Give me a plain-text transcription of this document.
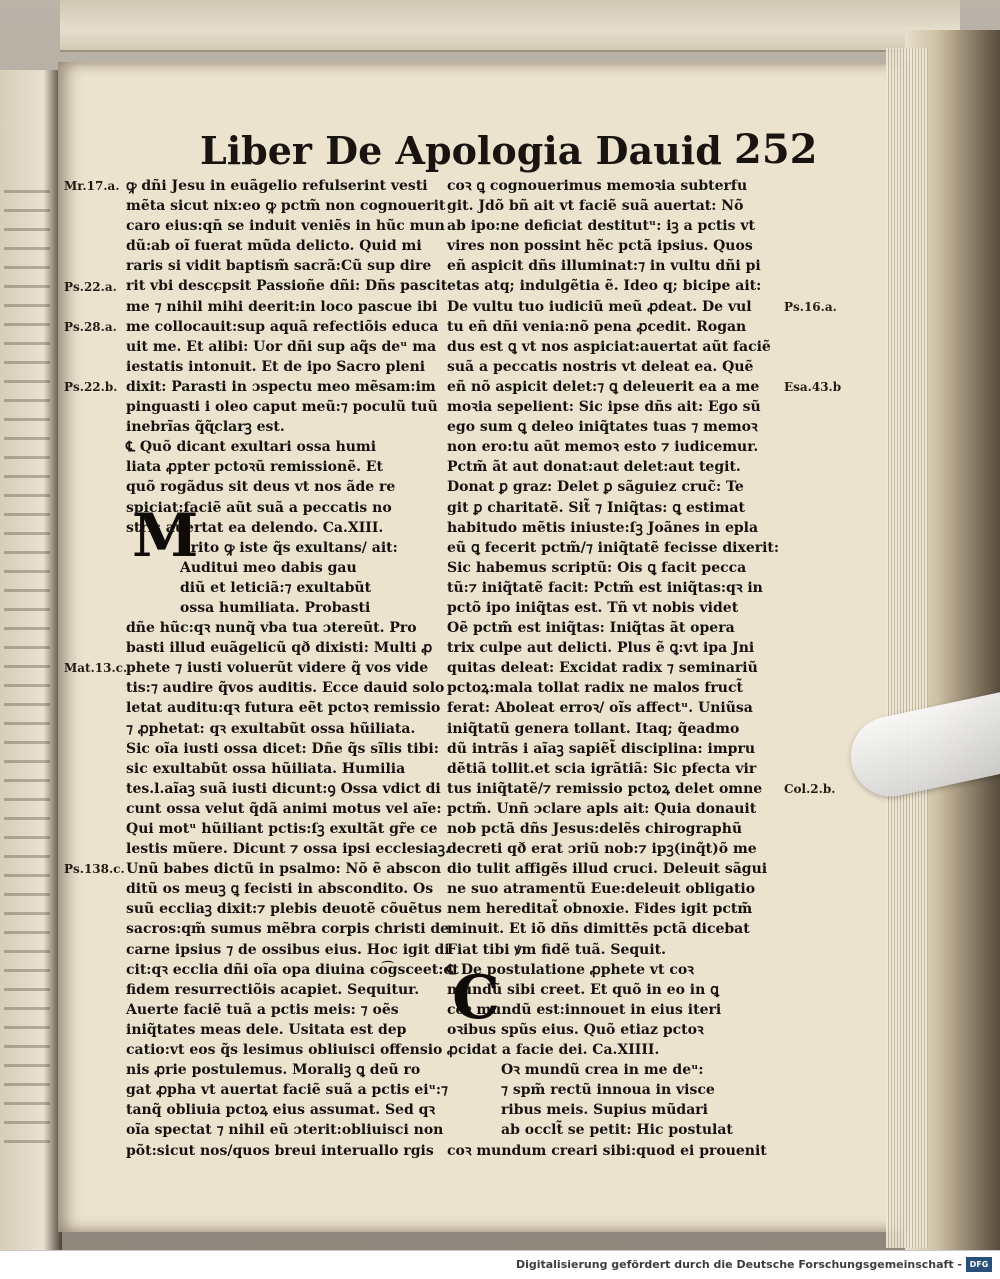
Liber De Apologia Dauid 252
ꝙ dñi Jesu in euãgelio refulserint vesti
mẽta sicut nix:eo ꝙ pctm̃ non cognouerit
caro eius:qn̄ se induit veniẽs in hũc mun
dũ:ab oĩ fuerat mũda delicto. Quid mi
raris si vidit baptism̃ sacrã:Cũ sup dire
rit vbi descɕpsit Passioñe dñi: Dñs pascit
me ⁊ nihil mihi deerit:in loco pascue ibi
me collocauit:sup aquã refectiõis educa
uit me. Et alibi: Uor dñi sup aq̃s deᵘ ma
iestatis intonuit. Et de ipo Sacro pleni
dixit: Parasti in ɔspectu meo mẽsam:im
pinguasti i oleo caput meũ:⁊ poculũ tuũ
inebrĩas q̃ɋ̃clarꝫ est.
℄ Quõ dicant exultari ossa humi
liata ꝓpter pctoꝛũ remissionẽ. Et
quõ rogãdus sit deus vt nos ãde re
spiciat:faciẽ aũt suã a peccatis no
stris auertat ea delendo. Ca.XIII.
Erito ꝙ iste q̃s exultans/ ait:
Auditui meo dabis gau
diũ et leticiã:⁊ exultabũt
ossa humiliata. Probasti
dñe hũc:qꝛ nunq̃ vba tua ɔtereũt. Pro
basti illud euãgelicũ qð dixisti: Multi ꝓ
phete ⁊ iusti voluerũt videre q̃ vos vide
tis:⁊ audire q̃vos auditis. Ecce dauid solo
letat auditu:qꝛ futura eẽt pctoꝛ remissio
⁊ ꝓphetat: qꝛ exultabũt ossa hũiliata.
Sic oĩa iusti ossa dicet: Dñe q̃s sĩlis tibi:
sic exultabũt ossa hũiliata. Humilia
tes.l.aĩaꝫ suã iusti dicunt:ꝯ Ossa vdict di
cunt ossa velut q̃dã animi motus vel aĩe:
Qui motᵘ hũiliant pctis:ſꝫ exultãt gr̃e ce
lestis mũere. Dicunt ⁊ ossa ipsi ecclesiaꝫ.
Unũ babes dictũ in psalmo: Nõ ẽ abscon
ditũ os meuꝫ ꝗ fecisti in abscondito. Os
suũ eccliaꝫ dixit:⁊ plebis deuotẽ cõuẽtus
sacros:qm̃ sumus mẽbra corpis christi de
carne ipsius ⁊ de ossibus eius. Hoc igit di
cit:qꝛ ecclia dñi oĩa opa diuina co͡gsceet:et
fidem resurrectiõis acapiet. Sequitur.
Auerte faciẽ tuã a pctis meis: ⁊ oẽs
iniq̃tates meas dele. Usitata est dep
catio:vt eos q̃s lesimus obliuisci offensio
nis ꝓrie postulemus. Moraliꝫ ꝗ deũ ro
gat ꝓpha vt auertat faciẽ suã a pctis eiᵘ:⁊
tanq̃ obliuia pctoꝝ eius assumat. Sed qꝛ
oĩa spectat ⁊ nihil eũ ɔterit:obliuisci non
põt:sicut nos/quos breui interuallo rgis
coꝛ ꝗ cognouerimus memoꝛia subterfu
git. Jdõ bñ ait vt faciẽ suã auertat: Nõ
ab ipo:ne deficiat destitutᵘ: iꝫ a pctis vt
vires non possint hẽc pctã ipsius. Quos
eñ aspicit dñs illuminat:⁊ in vultu dñi pi
etas atq; indulgẽtia ẽ. Ideo q; bicipe ait:
De vultu tuo iudiciũ meũ ꝓdeat. De vul
tu eñ dñi venia:nõ pena ꝓcedit. Rogan
dus est ꝗ vt nos aspiciat:auertat aũt faciẽ
suã a peccatis nostris vt deleat ea. Quẽ
eñ nõ aspicit delet:⁊ ꝗ deleuerit ea a me
moꝛia sepelient: Sic ipse dñs ait: Ego sũ
ego sum ꝗ deleo iniq̃tates tuas ⁊ memoꝛ
non ero:tu aũt memoꝛ esto ⁊ iudicemur.
Pctm̃ ãt aut donat:aut delet:aut tegit.
Donat ꝑ graz: Delet ꝑ sãguiez cruc̃: Te
git ꝑ charitatẽ. Sit̃ ⁊ Iniq̃tas: ꝗ estimat
habitudo mẽtis iniuste:ſꝫ Joãnes in epla
eũ ꝗ fecerit pctm̃/⁊ iniq̃tatẽ fecisse dixerit:
Sic habemus scriptũ: Ois ꝗ facit pecca
tũ:⁊ iniq̃tatẽ facit: Pctm̃ est iniq̃tas:qꝛ in
pctõ ipo iniq̃tas est. Tñ vt nobis videt
Oẽ pctm̃ est iniq̃tas: Iniq̃tas ãt opera
trix culpe aut delicti. Plus ẽ ꝗ:vt ipa Jni
quitas deleat: Excidat radix ⁊ seminariũ
pctoꝝ:mala tollat radix ne malos fruct̃
ferat: Aboleat erroꝛ/ oĩs affectᵘ. Uniũsa
iniq̃tatũ genera tollant. Itaq; q̃eadmo
dũ intrãs i aĩaꝫ sapiẽt̃ disciplina: impru
dẽtiã tollit.et scia igrãtiã: Sic pfecta vir
tus iniq̃tatẽ/⁊ remissio pctoꝝ delet omne
pctm̃. Unñ ɔclare apls ait: Quia donauit
nob pctã dñs Jesus:delẽs chirographũ
decreti qð erat ɔriũ nob:⁊ ipꝫ(inq̃t)õ me
dio tulit affigẽs illud cruci. Deleuit sãgui
ne suo atramentũ Eue:deleuit obligatio
nem hereditat̃ obnoxie. Fides igit pctm̃
minuit. Et iõ dñs dimittẽs pctã dicebat
Fiat tibi ꝟm fidẽ tuã. Sequit.
℄ De postulatione ꝓphete vt coꝛ
mundũ sibi creet. Et quõ in eo in ꝗ
coꝛ mundũ est:innouet in eius iteri
oꝛibus spũs eius. Quõ etiaz pctoꝛ
ꝓcidat a facie dei. Ca.XIIII.
Oꝛ mundũ crea in me deᵘ:
⁊ spm̃ rectũ innoua in visce
ribus meis. Supius mũdari
ab occlt̃ se petit: Hic postulat
coꝛ mundum creari sibi:quod ei prouenit
M
C
Mr.17.a.
Ps.22.a.
Ps.28.a.
Ps.22.b.
Mat.13.c.
Ps.138.c.
Ps.16.a.
Esa.43.b
Col.2.b.
Digitalisierung gefördert durch die Deutsche Forschungsgemeinschaft - DFG
